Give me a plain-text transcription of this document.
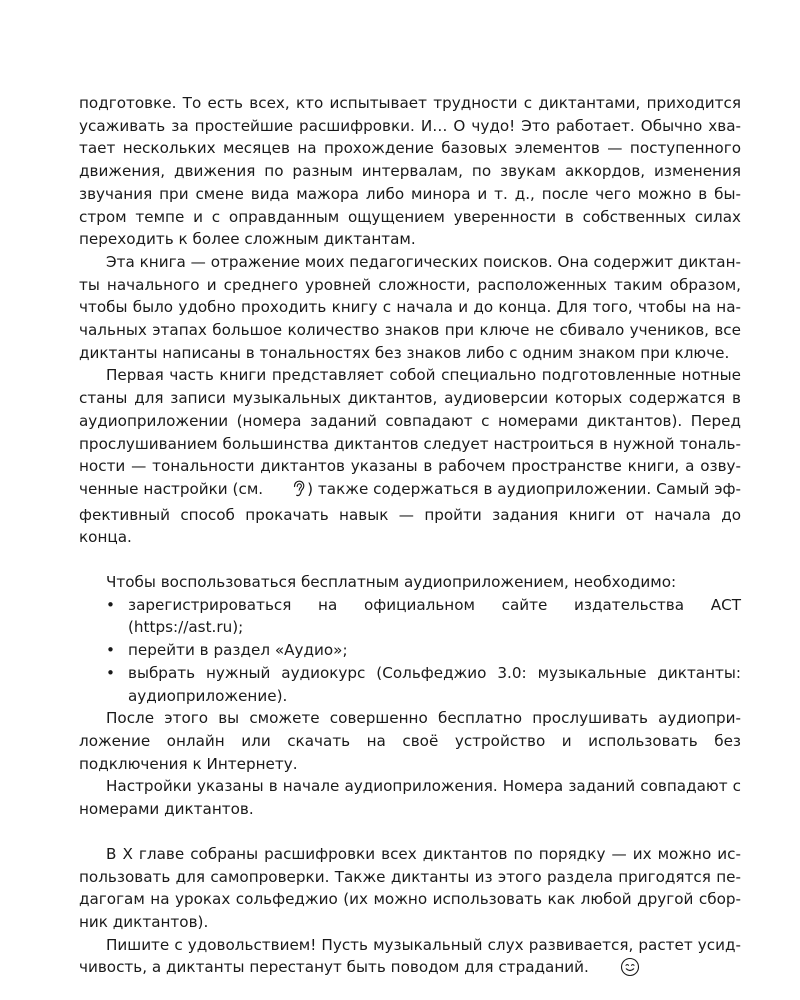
подготовке. То есть всех, кто испытывает трудности с диктантами, приходится усаживать за простейшие расшифровки. И… О чудо! Это работает. Обычно хватает нескольких месяцев на прохождение базовых элементов — поступенного движения, движения по разным интервалам, по звукам аккордов, изменения звучания при смене вида мажора либо минора и т. д., после чего можно в быстром темпе и с оправданным ощущением уверенности в собственных силах переходить к более сложным диктантам.

Эта книга — отражение моих педагогических поисков. Она содержит диктанты начального и среднего уровней сложности, расположенных таким образом, чтобы было удобно проходить книгу с начала и до конца. Для того, чтобы на начальных этапах большое количество знаков при ключе не сбивало учеников, все диктанты написаны в тональностях без знаков либо с одним знаком при ключе.

Первая часть книги представляет собой специально подготовленные нотные станы для записи музыкальных диктантов, аудиоверсии которых содержатся в аудиоприложении (номера заданий совпадают с номерами диктантов). Перед прослушиванием большинства диктантов следует настроиться в нужной тональности — тональности диктантов указаны в рабочем пространстве книги, а озвученные настройки (см.	) также содержаться в аудиоприложении. Самый эффективный способ прокачать навык — пройти задания книги от начала до конца.

Чтобы воспользоваться бесплатным аудиоприложением, необходимо:

• зарегистрироваться на официальном сайте издательства АСТ (https://ast.ru);
• перейти в раздел «Аудио»;
• выбрать нужный аудиокурс (Сольфеджио 3.0: музыкальные диктанты: аудиоприложение).

После этого вы сможете совершенно бесплатно прослушивать аудиоприложение онлайн или скачать на своё устройство и использовать без подключения к Интернету.

Настройки указаны в начале аудиоприложения. Номера заданий совпадают с номерами диктантов.

В X главе собраны расшифровки всех диктантов по порядку — их можно использовать для самопроверки. Также диктанты из этого раздела пригодятся педагогам на уроках сольфеджио (их можно использовать как любой другой сборник диктантов).

Пишите с удовольствием! Пусть музыкальный слух развивается, растет усидчивость, а диктанты перестанут быть поводом для страданий.
